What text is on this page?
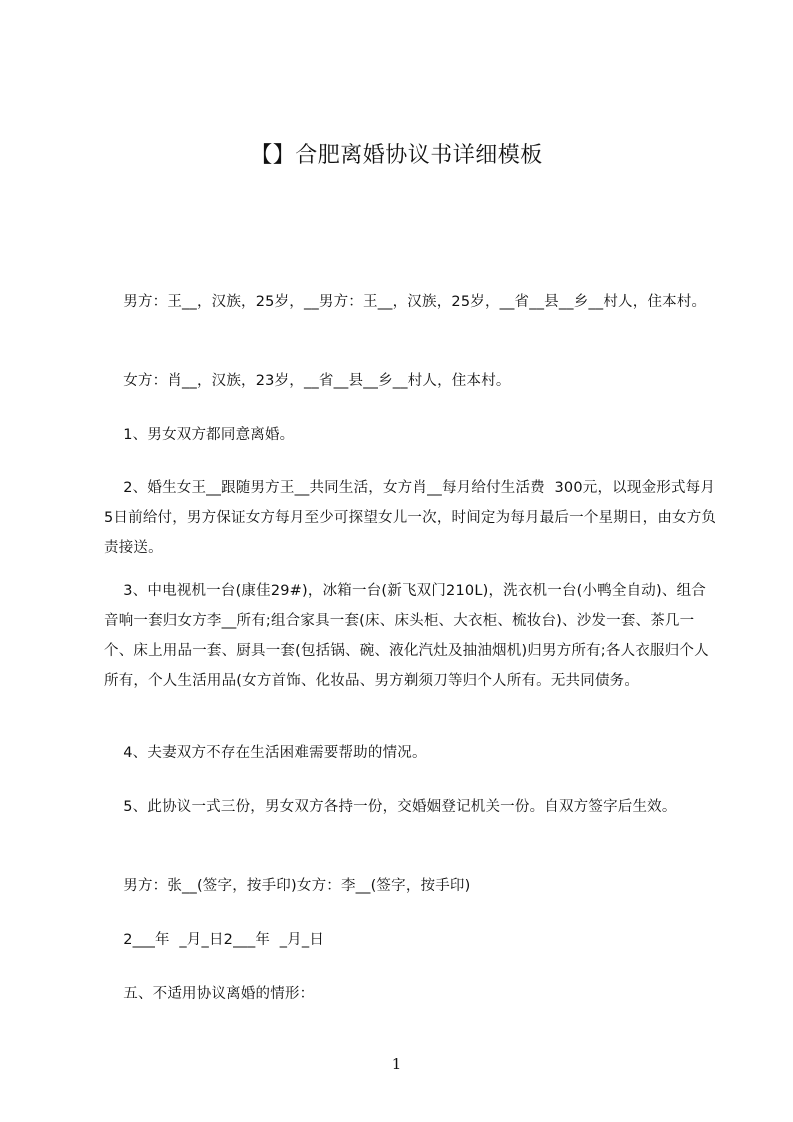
【】合肥离婚协议书详细模板

男方：王__，汉族，25岁，__男方：王__，汉族，25岁，__省__县__乡__村人，住本村。

女方：肖__，汉族，23岁，__省__县__乡__村人，住本村。

1、男女双方都同意离婚。

2、婚生女王__跟随男方王__共同生活，女方肖__每月给付生活费  300元，以现金形式每月5日前给付，男方保证女方每月至少可探望女儿一次，时间定为每月最后一个星期日，由女方负责接送。

3、中电视机一台(康佳29#)，冰箱一台(新飞双门210L)，洗衣机一台(小鸭全自动)、组合音响一套归女方李__所有;组合家具一套(床、床头柜、大衣柜、梳妆台)、沙发一套、茶几一个、床上用品一套、厨具一套(包括锅、碗、液化汽灶及抽油烟机)归男方所有;各人衣服归个人所有，个人生活用品(女方首饰、化妆品、男方剃须刀等归个人所有。无共同债务。

4、夫妻双方不存在生活困难需要帮助的情况。

5、此协议一式三份，男女双方各持一份，交婚姻登记机关一份。自双方签字后生效。

男方：张__(签字，按手印)女方：李__(签字，按手印)

2___年  _月_日2___年  _月_日

五、不适用协议离婚的情形：

1
